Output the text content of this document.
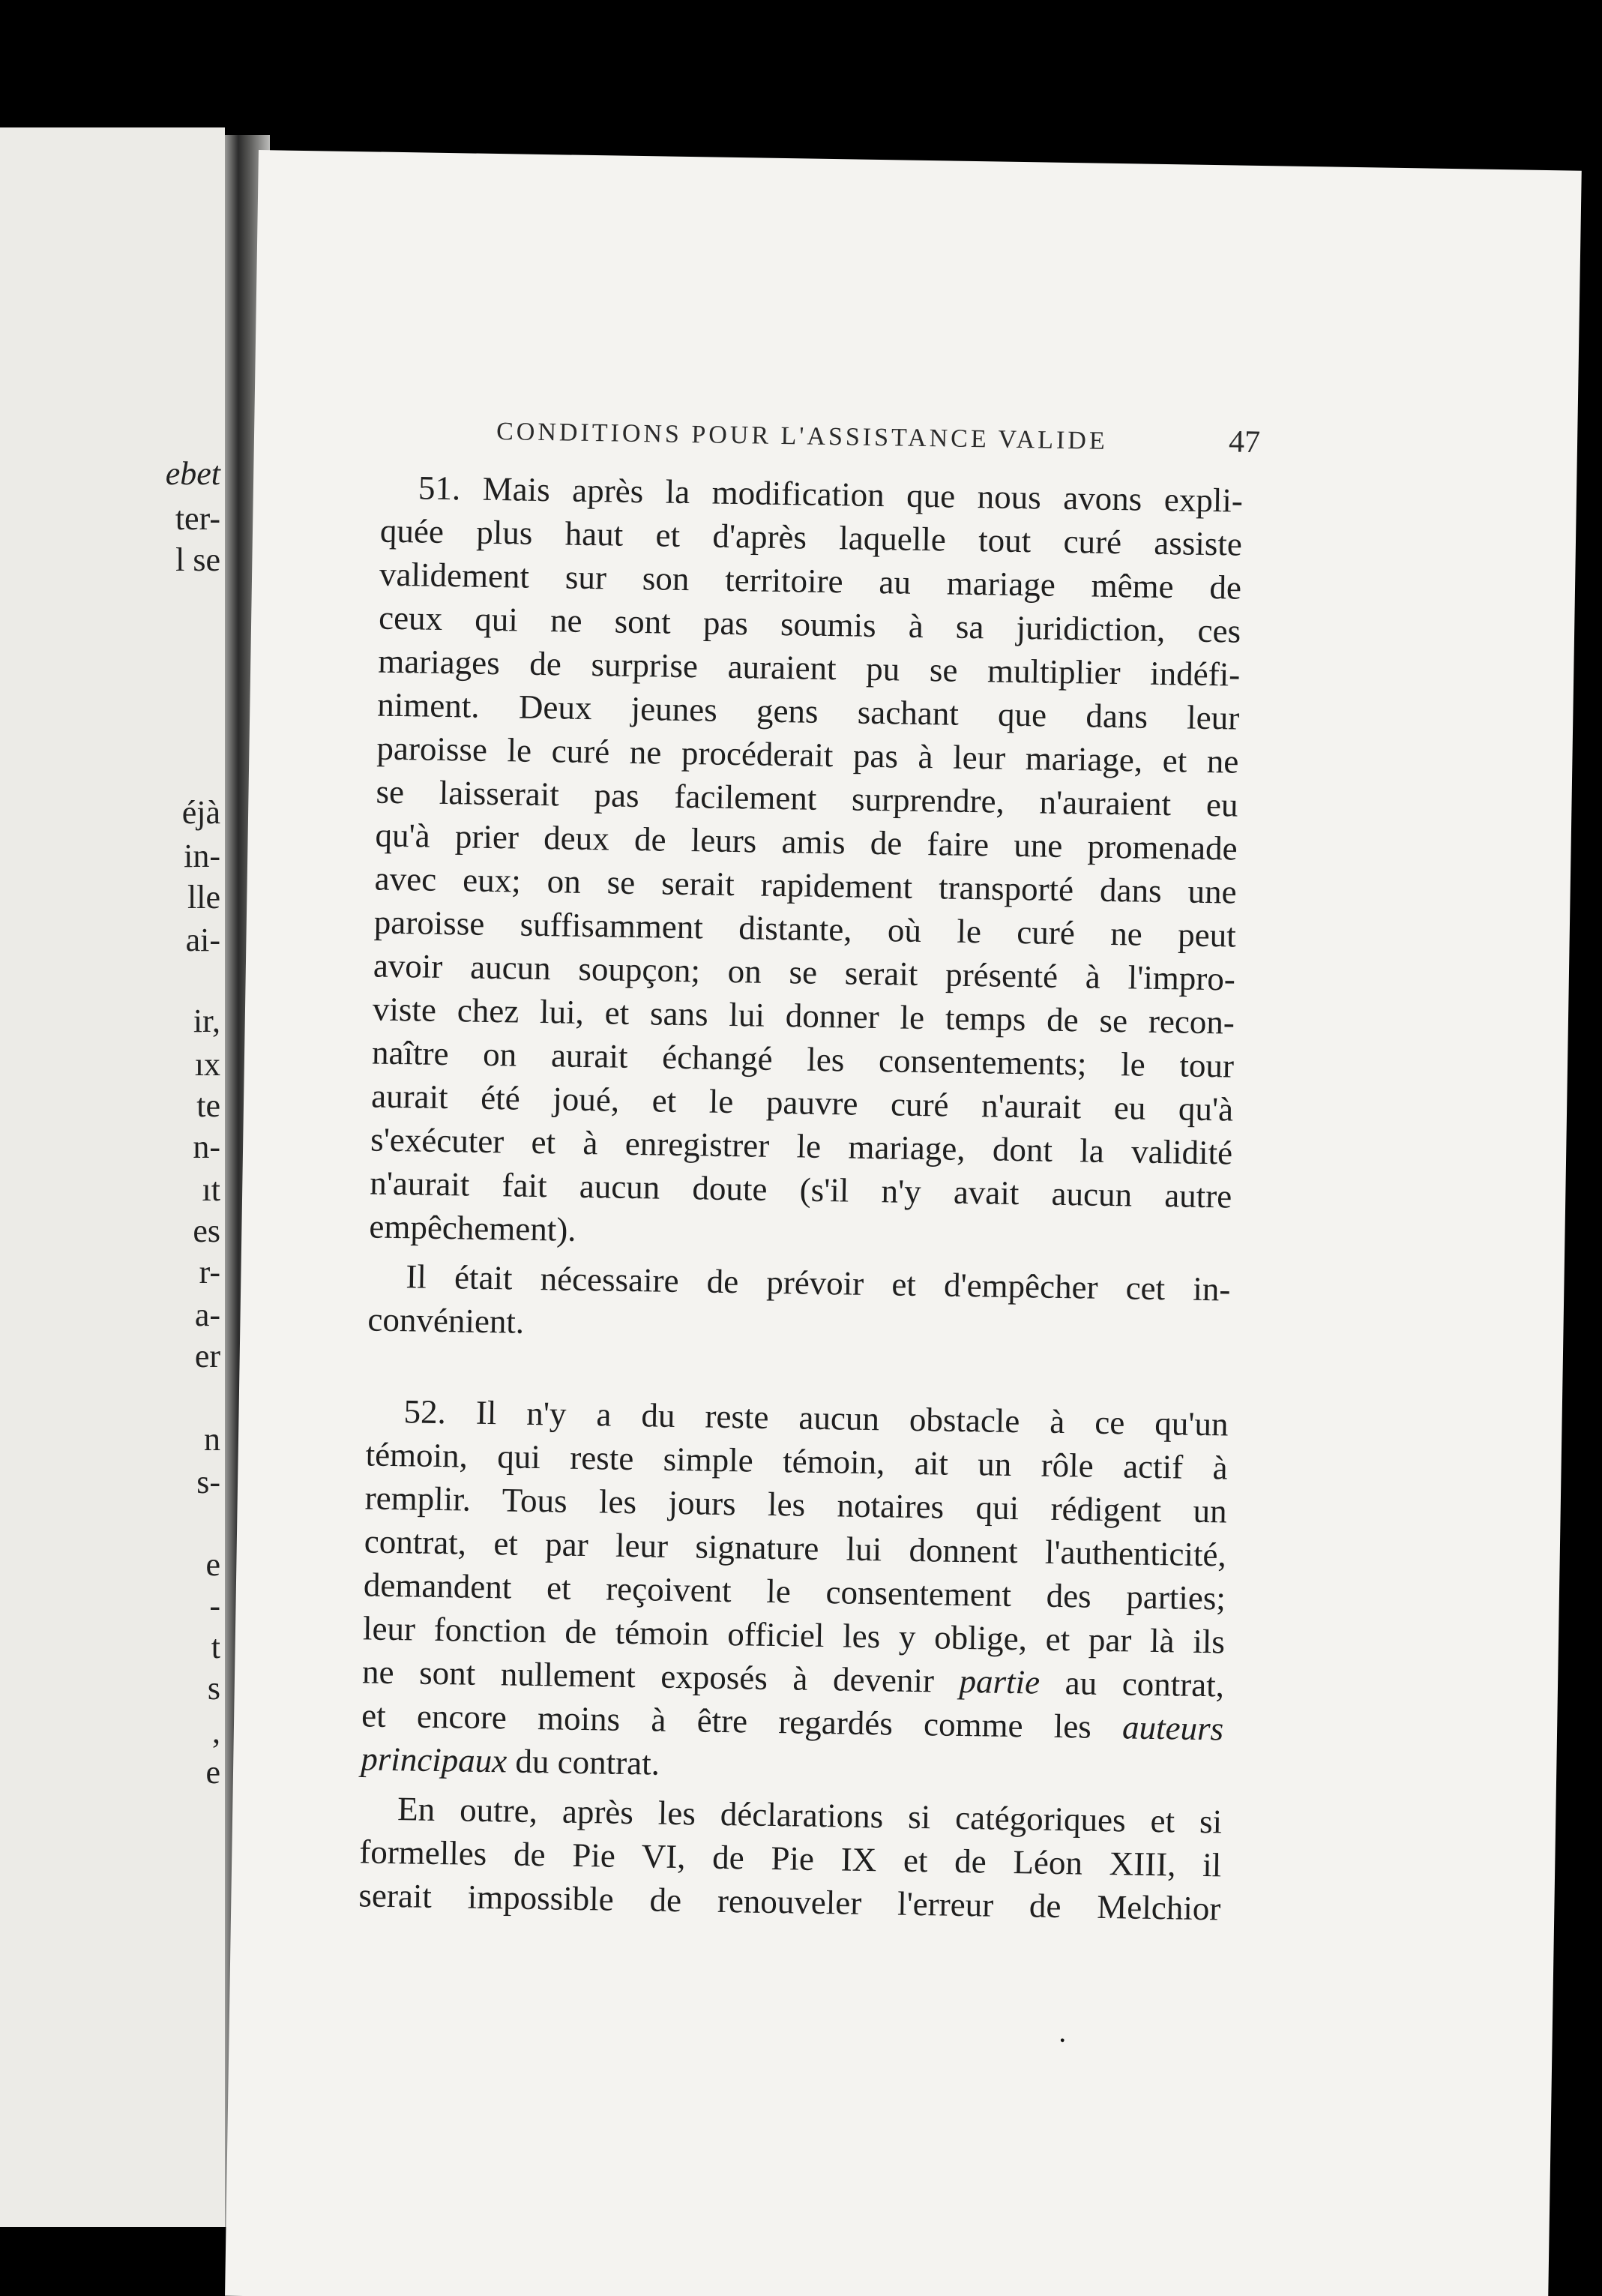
ebet
ter-
l se
éjà
in-
lle
ai-
ir,
ıx
te
n-
ıt
es
r-
a-
er
n
s-
e
-
t
s
,
e
CONDITIONS POUR L'ASSISTANCE VALIDE	47
51. Mais après la modification que nous avons expli-
quée plus haut et d'après laquelle tout curé assiste
validement sur son territoire au mariage même de
ceux qui ne sont pas soumis à sa juridiction, ces
mariages de surprise auraient pu se multiplier indéfi-
niment. Deux jeunes gens sachant que dans leur
paroisse le curé ne procéderait pas à leur mariage, et ne
se laisserait pas facilement surprendre, n'auraient eu
qu'à prier deux de leurs amis de faire une promenade
avec eux; on se serait rapidement transporté dans une
paroisse suffisamment distante, où le curé ne peut
avoir aucun soupçon; on se serait présenté à l'impro-
viste chez lui, et sans lui donner le temps de se recon-
naître on aurait échangé les consentements; le tour
aurait été joué, et le pauvre curé n'aurait eu qu'à
s'exécuter et à enregistrer le mariage, dont la validité
n'aurait fait aucun doute (s'il n'y avait aucun autre
empêchement).
Il était nécessaire de prévoir et d'empêcher cet in-
convénient.
52. Il n'y a du reste aucun obstacle à ce qu'un
témoin, qui reste simple témoin, ait un rôle actif à
remplir. Tous les jours les notaires qui rédigent un
contrat, et par leur signature lui donnent l'authenticité,
demandent et reçoivent le consentement des parties;
leur fonction de témoin officiel les y oblige, et par là ils
ne sont nullement exposés à devenir partie au contrat,
et encore moins à être regardés comme les auteurs
principaux du contrat.
En outre, après les déclarations si catégoriques et si
formelles de Pie VI, de Pie IX et de Léon XIII, il
serait impossible de renouveler l'erreur de Melchior
·
